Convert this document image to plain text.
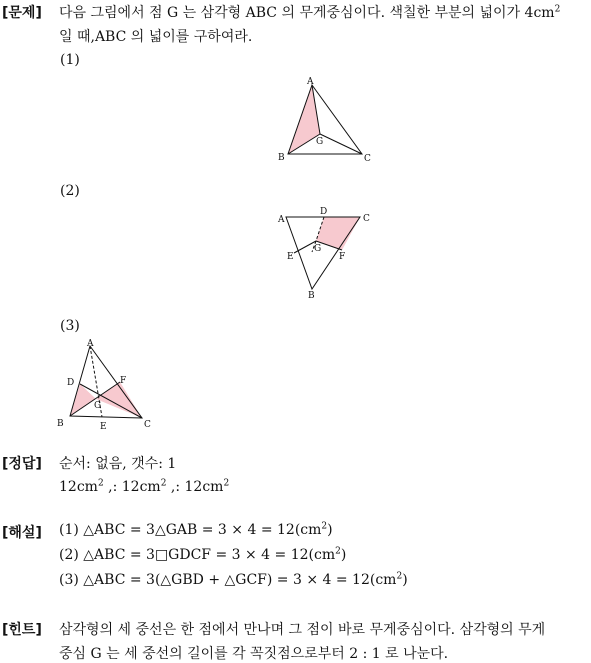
[문제] 다음 그림에서 점 G 는 삼각형 ABC 의 무게중심이다. 색칠한 부분의 넓이가 $4cm^2$
일 때,ABC 의 넓이를 구하여라.
(1)
A
B	C
G
(2)
A	C
D
E	F
G
B
(3)
A
D	F
G
B	E	C
[정답] 순서: 없음, 갯수: 1
$12cm^2$ ,: $12cm^2$ ,: $12cm^2$
[해설] (1) △ABC = 3△GAB = $3 \times 4 = 12(cm^2)$
(2) △ABC = 3□GDCF = $3 \times 4 = 12(cm^2)$
(3) △ABC = 3(△GBD + △GCF) = $3 \times 4 = 12(cm^2)$
[힌트] 삼각형의 세 중선은 한 점에서 만나며 그 점이 바로 무게중심이다. 삼각형의 무게
중심 G 는 세 중선의 길이를 각 꼭짓점으로부터 2 : 1 로 나눈다.
